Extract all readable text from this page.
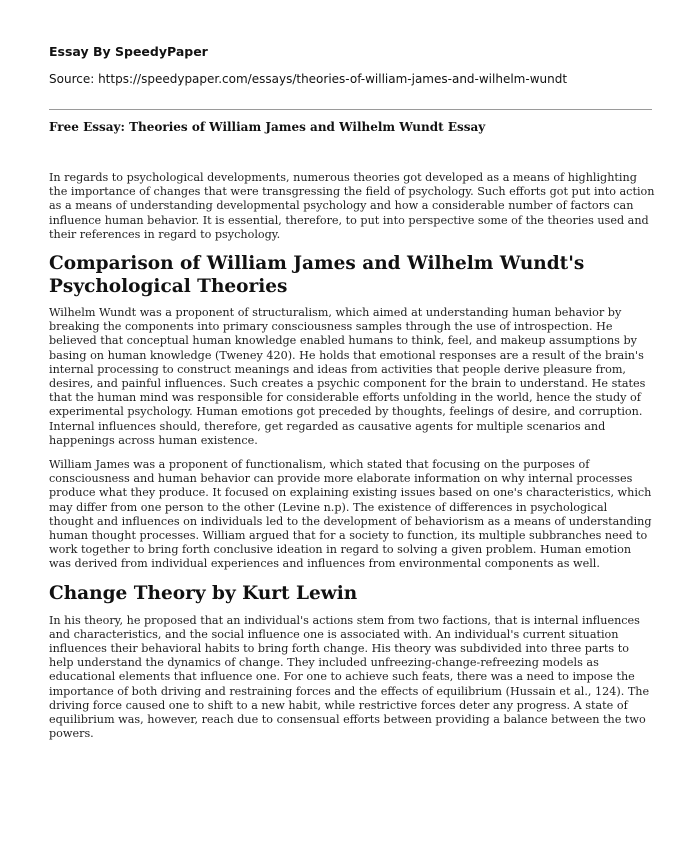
Essay By SpeedyPaper
Source: https://speedypaper.com/essays/theories-of-william-james-and-wilhelm-wundt
Free Essay: Theories of William James and Wilhelm Wundt Essay

In regards to psychological developments, numerous theories got developed as a means of highlighting the importance of changes that were transgressing the field of psychology. Such efforts got put into action as a means of understanding developmental psychology and how a considerable number of factors can influence human behavior. It is essential, therefore, to put into perspective some of the theories used and their references in regard to psychology.

Comparison of William James and Wilhelm Wundt's Psychological Theories

Wilhelm Wundt was a proponent of structuralism, which aimed at understanding human behavior by breaking the components into primary consciousness samples through the use of introspection. He believed that conceptual human knowledge enabled humans to think, feel, and makeup assumptions by basing on human knowledge (Tweney 420). He holds that emotional responses are a result of the brain's internal processing to construct meanings and ideas from activities that people derive pleasure from, desires, and painful influences. Such creates a psychic component for the brain to understand. He states that the human mind was responsible for considerable efforts unfolding in the world, hence the study of experimental psychology. Human emotions got preceded by thoughts, feelings of desire, and corruption. Internal influences should, therefore, get regarded as causative agents for multiple scenarios and happenings across human existence.

William James was a proponent of functionalism, which stated that focusing on the purposes of consciousness and human behavior can provide more elaborate information on why internal processes produce what they produce. It focused on explaining existing issues based on one's characteristics, which may differ from one person to the other (Levine n.p). The existence of differences in psychological thought and influences on individuals led to the development of behaviorism as a means of understanding human thought processes. William argued that for a society to function, its multiple subbranches need to work together to bring forth conclusive ideation in regard to solving a given problem. Human emotion was derived from individual experiences and influences from environmental components as well.

Change Theory by Kurt Lewin

In his theory, he proposed that an individual's actions stem from two factions, that is internal influences and characteristics, and the social influence one is associated with. An individual's current situation influences their behavioral habits to bring forth change. His theory was subdivided into three parts to help understand the dynamics of change. They included unfreezing-change-refreezing models as educational elements that influence one. For one to achieve such feats, there was a need to impose the importance of both driving and restraining forces and the effects of equilibrium (Hussain et al., 124). The driving force caused one to shift to a new habit, while restrictive forces deter any progress. A state of equilibrium was, however, reach due to consensual efforts between providing a balance between the two powers.
